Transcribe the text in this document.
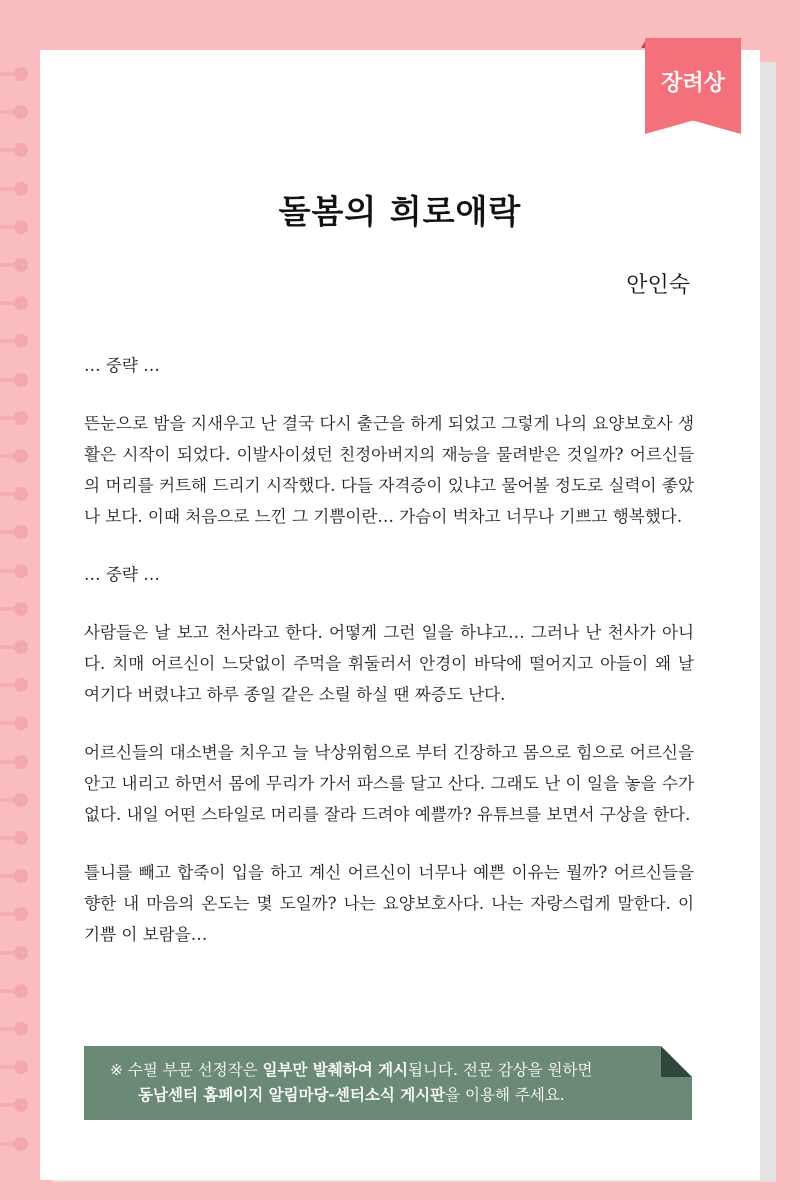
장려상
돌봄의 희로애락
안인숙

… 중략 …

뜬눈으로 밤을 지새우고 난 결국 다시 출근을 하게 되었고 그렇게 나의 요양보호사 생활은 시작이 되었다. 이발사이셨던 친정아버지의 재능을 물려받은 것일까? 어르신들의 머리를 커트해 드리기 시작했다. 다들 자격증이 있냐고 물어볼 정도로 실력이 좋았나 보다. 이때 처음으로 느낀 그 기쁨이란… 가슴이 벅차고 너무나 기쁘고 행복했다.

… 중략 …

사람들은 날 보고 천사라고 한다. 어떻게 그런 일을 하냐고… 그러나 난 천사가 아니다. 치매 어르신이 느닷없이 주먹을 휘둘러서 안경이 바닥에 떨어지고 아들이 왜 날 여기다 버렸냐고 하루 종일 같은 소릴 하실 땐 짜증도 난다.

어르신들의 대소변을 치우고 늘 낙상위험으로 부터 긴장하고 몸으로 힘으로 어르신을 안고 내리고 하면서 몸에 무리가 가서 파스를 달고 산다. 그래도 난 이 일을 놓을 수가 없다. 내일 어떤 스타일로 머리를 잘라 드려야 예쁠까? 유튜브를 보면서 구상을 한다.

틀니를 빼고 합죽이 입을 하고 계신 어르신이 너무나 예쁜 이유는 뭘까? 어르신들을 향한 내 마음의 온도는 몇 도일까? 나는 요양보호사다. 나는 자랑스럽게 말한다. 이 기쁨 이 보람을…

※ 수필 부문 선정작은 일부만 발췌하여 게시됩니다. 전문 감상을 원하면
동남센터 홈페이지 알림마당-센터소식 게시판을 이용해 주세요.
